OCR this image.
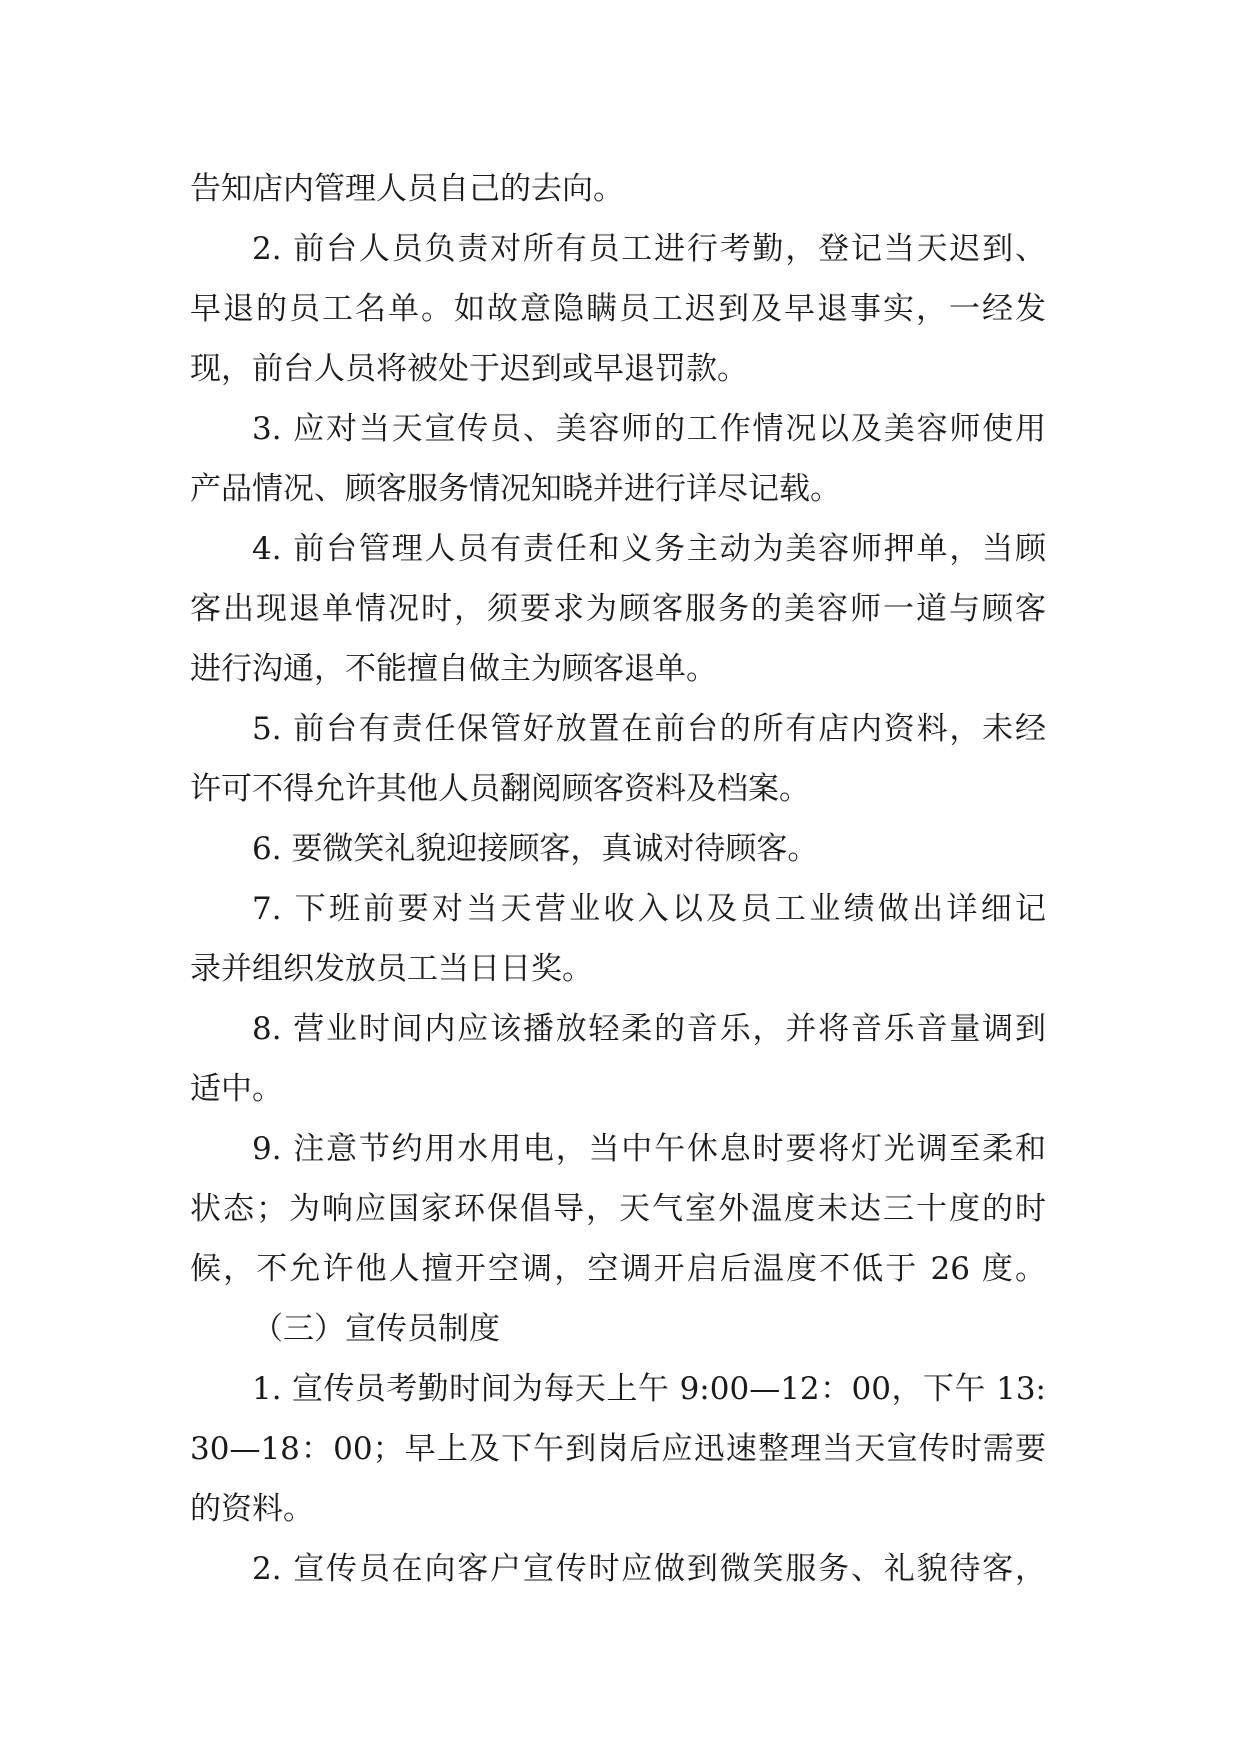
告知店内管理人员自己的去向。
2. 前台人员负责对所有员工进行考勤，登记当天迟到、
早退的员工名单。如故意隐瞒员工迟到及早退事实，一经发
现，前台人员将被处于迟到或早退罚款。
3. 应对当天宣传员、美容师的工作情况以及美容师使用
产品情况、顾客服务情况知晓并进行详尽记载。
4. 前台管理人员有责任和义务主动为美容师押单，当顾
客出现退单情况时，须要求为顾客服务的美容师一道与顾客
进行沟通，不能擅自做主为顾客退单。
5. 前台有责任保管好放置在前台的所有店内资料，未经
许可不得允许其他人员翻阅顾客资料及档案。
6. 要微笑礼貌迎接顾客，真诚对待顾客。
7. 下班前要对当天营业收入以及员工业绩做出详细记
录并组织发放员工当日日奖。
8. 营业时间内应该播放轻柔的音乐，并将音乐音量调到
适中。
9. 注意节约用水用电，当中午休息时要将灯光调至柔和
状态；为响应国家环保倡导，天气室外温度未达三十度的时
候，不允许他人擅开空调，空调开启后温度不低于 26 度。
（三）宣传员制度
1. 宣传员考勤时间为每天上午 9:00—12：00，下午 13:
30—18：00；早上及下午到岗后应迅速整理当天宣传时需要
的资料。
2. 宣传员在向客户宣传时应做到微笑服务、礼貌待客，
